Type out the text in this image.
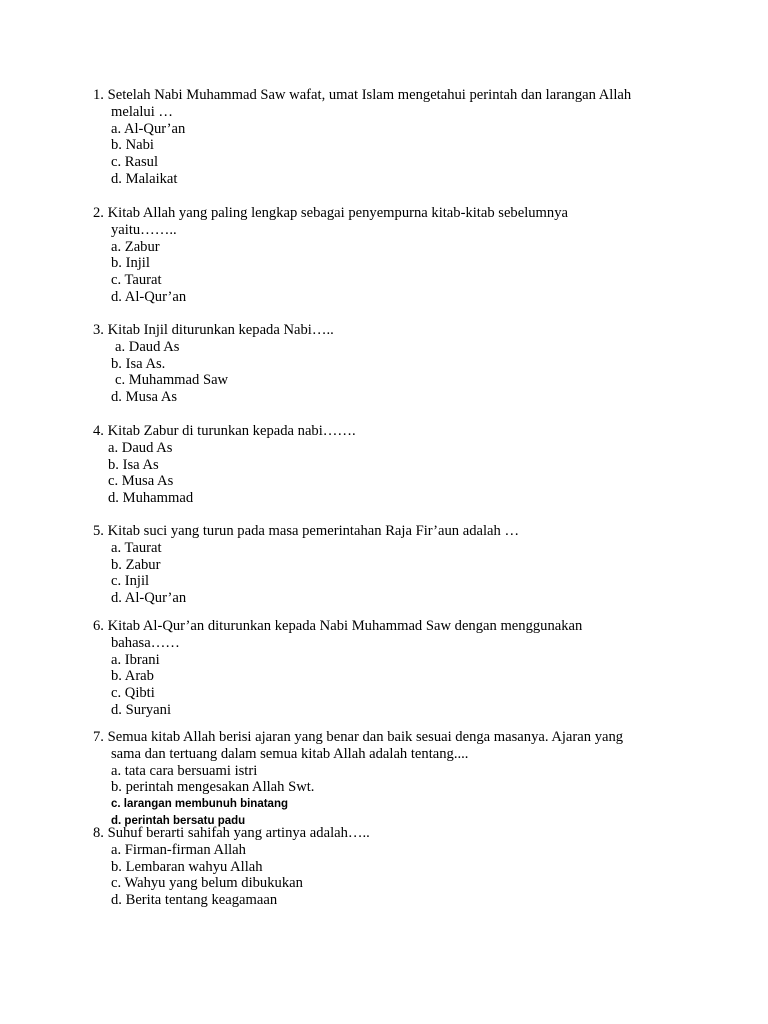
1. Setelah Nabi Muhammad Saw wafat, umat Islam mengetahui perintah dan larangan Allah
melalui …
a. Al-Qur’an
b. Nabi
c. Rasul
d. Malaikat
2. Kitab Allah yang paling lengkap sebagai penyempurna kitab-kitab sebelumnya
yaitu……..
a. Zabur
b. Injil
c. Taurat
d. Al-Qur’an
3. Kitab Injil diturunkan kepada Nabi…..
a. Daud As
b. Isa As.
c. Muhammad Saw
d. Musa As
4. Kitab Zabur di turunkan kepada nabi…….
a. Daud As
b. Isa As
c. Musa As
d. Muhammad
5. Kitab suci yang turun pada masa pemerintahan Raja Fir’aun adalah …
a. Taurat
b. Zabur
c. Injil
d. Al-Qur’an
6. Kitab Al-Qur’an diturunkan kepada Nabi Muhammad Saw dengan menggunakan
bahasa……
a. Ibrani
b. Arab
c. Qibti
d. Suryani
7. Semua kitab Allah berisi ajaran yang benar dan baik sesuai denga masanya. Ajaran yang
sama dan tertuang dalam semua kitab Allah adalah tentang....
a. tata cara bersuami istri
b. perintah mengesakan Allah Swt.
c. larangan membunuh binatang
d. perintah bersatu padu
8. Suhuf berarti sahifah yang artinya adalah…..
a. Firman-firman Allah
b. Lembaran wahyu Allah
c. Wahyu yang belum dibukukan
d. Berita tentang keagamaan
